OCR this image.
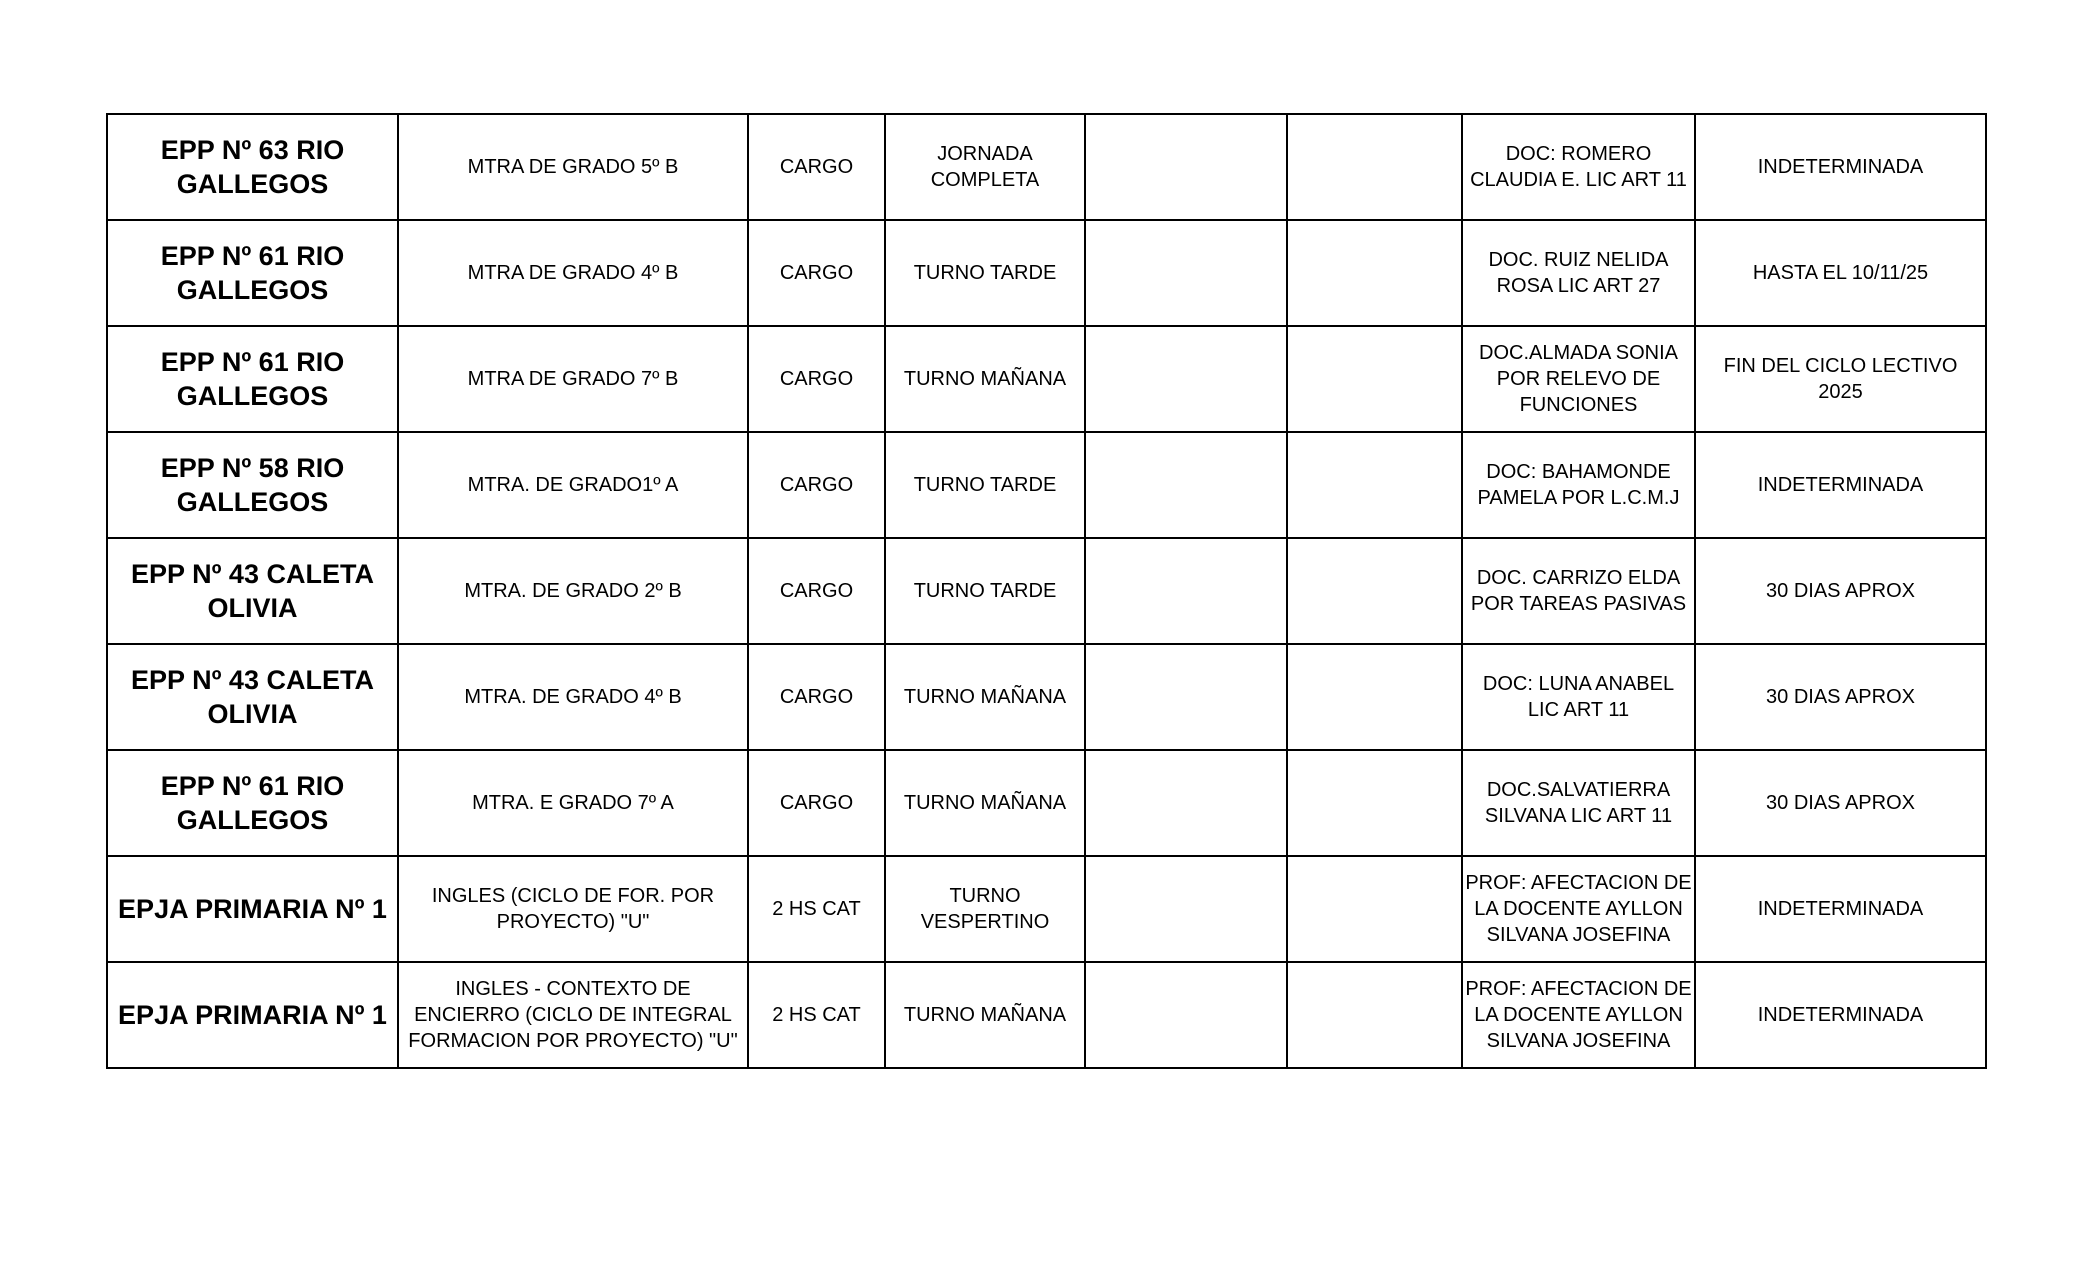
EPP Nº 63 RIO GALLEGOS	MTRA DE GRADO 5º B	CARGO	JORNADA COMPLETA			DOC: ROMERO CLAUDIA E. LIC ART 11	INDETERMINADA
EPP Nº 61 RIO GALLEGOS	MTRA DE GRADO 4º B	CARGO	TURNO TARDE			DOC. RUIZ NELIDA ROSA LIC ART 27	HASTA EL 10/11/25
EPP Nº 61 RIO GALLEGOS	MTRA DE GRADO 7º B	CARGO	TURNO MAÑANA			DOC.ALMADA SONIA POR RELEVO DE FUNCIONES	FIN DEL CICLO LECTIVO 2025
EPP Nº 58 RIO GALLEGOS	MTRA. DE GRADO1º A	CARGO	TURNO TARDE			DOC: BAHAMONDE PAMELA POR L.C.M.J	INDETERMINADA
EPP Nº 43 CALETA OLIVIA	MTRA. DE GRADO 2º B	CARGO	TURNO TARDE			DOC. CARRIZO ELDA POR TAREAS PASIVAS	30 DIAS APROX
EPP Nº 43 CALETA OLIVIA	MTRA. DE GRADO 4º B	CARGO	TURNO MAÑANA			DOC: LUNA ANABEL LIC ART 11	30 DIAS APROX
EPP Nº 61 RIO GALLEGOS	MTRA. E GRADO 7º A	CARGO	TURNO MAÑANA			DOC.SALVATIERRA SILVANA LIC ART 11	30 DIAS APROX
EPJA PRIMARIA Nº 1	INGLES (CICLO DE FOR. POR PROYECTO) "U"	2 HS CAT	TURNO VESPERTINO			PROF: AFECTACION DE LA DOCENTE AYLLON SILVANA JOSEFINA	INDETERMINADA
EPJA PRIMARIA Nº 1	INGLES - CONTEXTO DE ENCIERRO (CICLO DE INTEGRAL FORMACION POR PROYECTO) "U"	2 HS CAT	TURNO MAÑANA			PROF: AFECTACION DE LA DOCENTE AYLLON SILVANA JOSEFINA	INDETERMINADA
